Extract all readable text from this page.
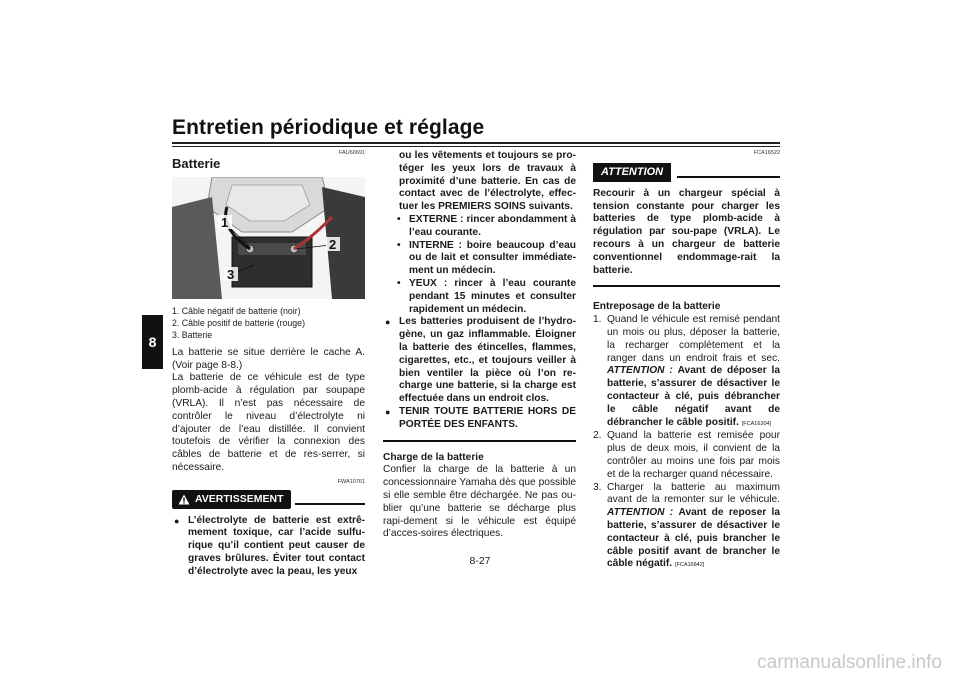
Entretien périodique et réglage
8
FAU60691
Batterie
1
2
3
ZAUM1667
1. Câble négatif de batterie (noir)
2. Câble positif de batterie (rouge)
3. Batterie
La batterie se situe derrière le cache A. (Voir page 8-8.)
La batterie de ce véhicule est de type plomb-acide à régulation par soupape (VRLA). Il n’est pas nécessaire de contrôler le niveau d’électrolyte ni d’ajouter de l’eau distillée. Il convient toutefois de vérifier la connexion des câbles de batterie et de res-serrer, si nécessaire.
FWA10761
AVERTISSEMENT
● L’électrolyte de batterie est extrê-mement toxique, car l’acide sulfu-rique qu’il contient peut causer de graves brûlures. Éviter tout contact d’électrolyte avec la peau, les yeux
ou les vêtements et toujours se pro-téger les yeux lors de travaux à proximité d’une batterie. En cas de contact avec de l’électrolyte, effec-tuer les PREMIERS SOINS suivants.
• EXTERNE : rincer abondamment à l’eau courante.
• INTERNE : boire beaucoup d’eau ou de lait et consulter immédiate-ment un médecin.
• YEUX : rincer à l’eau courante pendant 15 minutes et consulter rapidement un médecin.
● Les batteries produisent de l’hydro-gène, un gaz inflammable. Éloigner la batterie des étincelles, flammes, cigarettes, etc., et toujours veiller à bien ventiler la pièce où l’on re-charge une batterie, si la charge est effectuée dans un endroit clos.
● TENIR TOUTE BATTERIE HORS DE PORTÉE DES ENFANTS.
Charge de la batterie
Confier la charge de la batterie à un concessionnaire Yamaha dès que possible si elle semble être déchargée. Ne pas ou-blier qu’une batterie se décharge plus rapi-dement si le véhicule est équipé d’acces-soires électriques.
FCA16522
ATTENTION
Recourir à un chargeur spécial à tension constante pour charger les batteries de type plomb-acide à régulation par sou-pape (VRLA). Le recours à un chargeur de batterie conventionnel endommage-rait la batterie.
Entreposage de la batterie
1. Quand le véhicule est remisé pendant un mois ou plus, déposer la batterie, la recharger complètement et la ranger dans un endroit frais et sec. ATTENTION : Avant de déposer la batterie, s’assurer de désactiver le contacteur à clé, puis débrancher le câble négatif avant de débrancher le câble positif. [FCA16304]
2. Quand la batterie est remisée pour plus de deux mois, il convient de la contrôler au moins une fois par mois et de la recharger quand nécessaire.
3. Charger la batterie au maximum avant de la remonter sur le véhicule. ATTENTION : Avant de reposer la batterie, s’assurer de désactiver le contacteur à clé, puis brancher le câble positif avant de brancher le câble négatif. [FCA16842]
8-27
carmanualsonline.info
